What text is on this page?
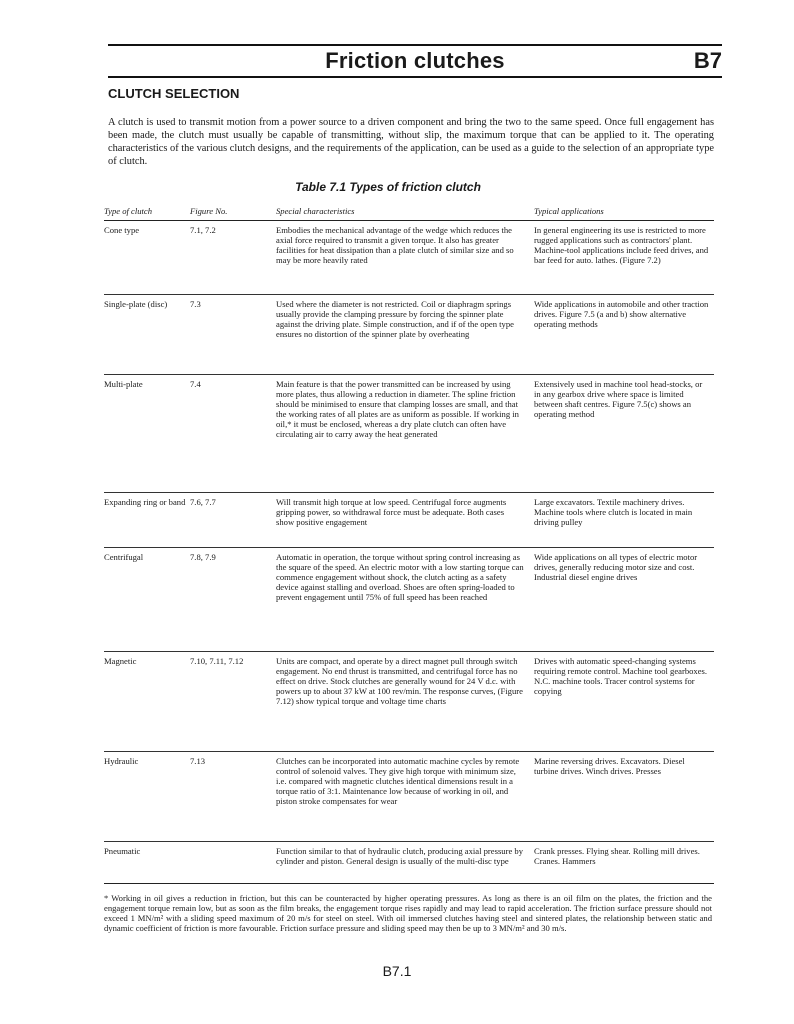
Friction clutches	B7
CLUTCH SELECTION

A clutch is used to transmit motion from a power source to a driven component and bring the two to the same speed. Once full engagement has been made, the clutch must usually be capable of transmitting, without slip, the maximum torque that can be applied to it. The operating characteristics of the various clutch designs, and the requirements of the application, can be used as a guide to the selection of an appropriate type of clutch.

Table 7.1 Types of friction clutch
Type of clutch	Figure No.	Special characteristics	Typical applications
Cone type	7.1, 7.2	Embodies the mechanical advantage of the wedge which reduces the axial force required to transmit a given torque. It also has greater facilities for heat dissipation than a plate clutch of similar size and so may be more heavily rated	In general engineering its use is restricted to more rugged applications such as contractors' plant. Machine-tool applications include feed drives, and bar feed for auto. lathes. (Figure 7.2)
Single-plate (disc)	7.3	Used where the diameter is not restricted. Coil or diaphragm springs usually provide the clamping pressure by forcing the spinner plate against the driving plate. Simple construction, and if of the open type ensures no distortion of the spinner plate by overheating	Wide applications in automobile and other traction drives. Figure 7.5 (a and b) show alternative operating methods
Multi-plate	7.4	Main feature is that the power transmitted can be increased by using more plates, thus allowing a reduction in diameter. The spline friction should be minimised to ensure that clamping losses are small, and that the working rates of all plates are as uniform as possible. If working in oil,* it must be enclosed, whereas a dry plate clutch can often have circulating air to carry away the heat generated	Extensively used in machine tool head-stocks, or in any gearbox drive where space is limited between shaft centres. Figure 7.5(c) shows an operating method
Expanding ring or band	7.6, 7.7	Will transmit high torque at low speed. Centrifugal force augments gripping power, so withdrawal force must be adequate. Both cases show positive engagement	Large excavators. Textile machinery drives. Machine tools where clutch is located in main driving pulley
Centrifugal	7.8, 7.9	Automatic in operation, the torque without spring control increasing as the square of the speed. An electric motor with a low starting torque can commence engagement without shock, the clutch acting as a safety device against stalling and overload. Shoes are often spring-loaded to prevent engagement until 75% of full speed has been reached	Wide applications on all types of electric motor drives, generally reducing motor size and cost. Industrial diesel engine drives
Magnetic	7.10, 7.11, 7.12	Units are compact, and operate by a direct magnet pull through switch engagement. No end thrust is transmitted, and centrifugal force has no effect on drive. Stock clutches are generally wound for 24 V d.c. with powers up to about 37 kW at 100 rev/min. The response curves, (Figure 7.12) show typical torque and voltage time charts	Drives with automatic speed-changing systems requiring remote control. Machine tool gearboxes. N.C. machine tools. Tracer control systems for copying
Hydraulic	7.13	Clutches can be incorporated into automatic machine cycles by remote control of solenoid valves. They give high torque with minimum size, i.e. compared with magnetic clutches identical dimensions result in a torque ratio of 3:1. Maintenance low because of working in oil, and piston stroke compensates for wear	Marine reversing drives. Excavators. Diesel turbine drives. Winch drives. Presses
Pneumatic		Function similar to that of hydraulic clutch, producing axial pressure by cylinder and piston. General design is usually of the multi-disc type	Crank presses. Flying shear. Rolling mill drives. Cranes. Hammers

* Working in oil gives a reduction in friction, but this can be counteracted by higher operating pressures. As long as there is an oil film on the plates, the friction and the engagement torque remain low, but as soon as the film breaks, the engagement torque rises rapidly and may lead to rapid acceleration. The friction surface pressure should not exceed 1 MN/m² with a sliding speed maximum of 20 m/s for steel on steel. With oil immersed clutches having steel and sintered plates, the relationship between static and dynamic coefficient of friction is more favourable. Friction surface pressure and sliding speed may then be up to 3 MN/m² and 30 m/s.

B7.1
